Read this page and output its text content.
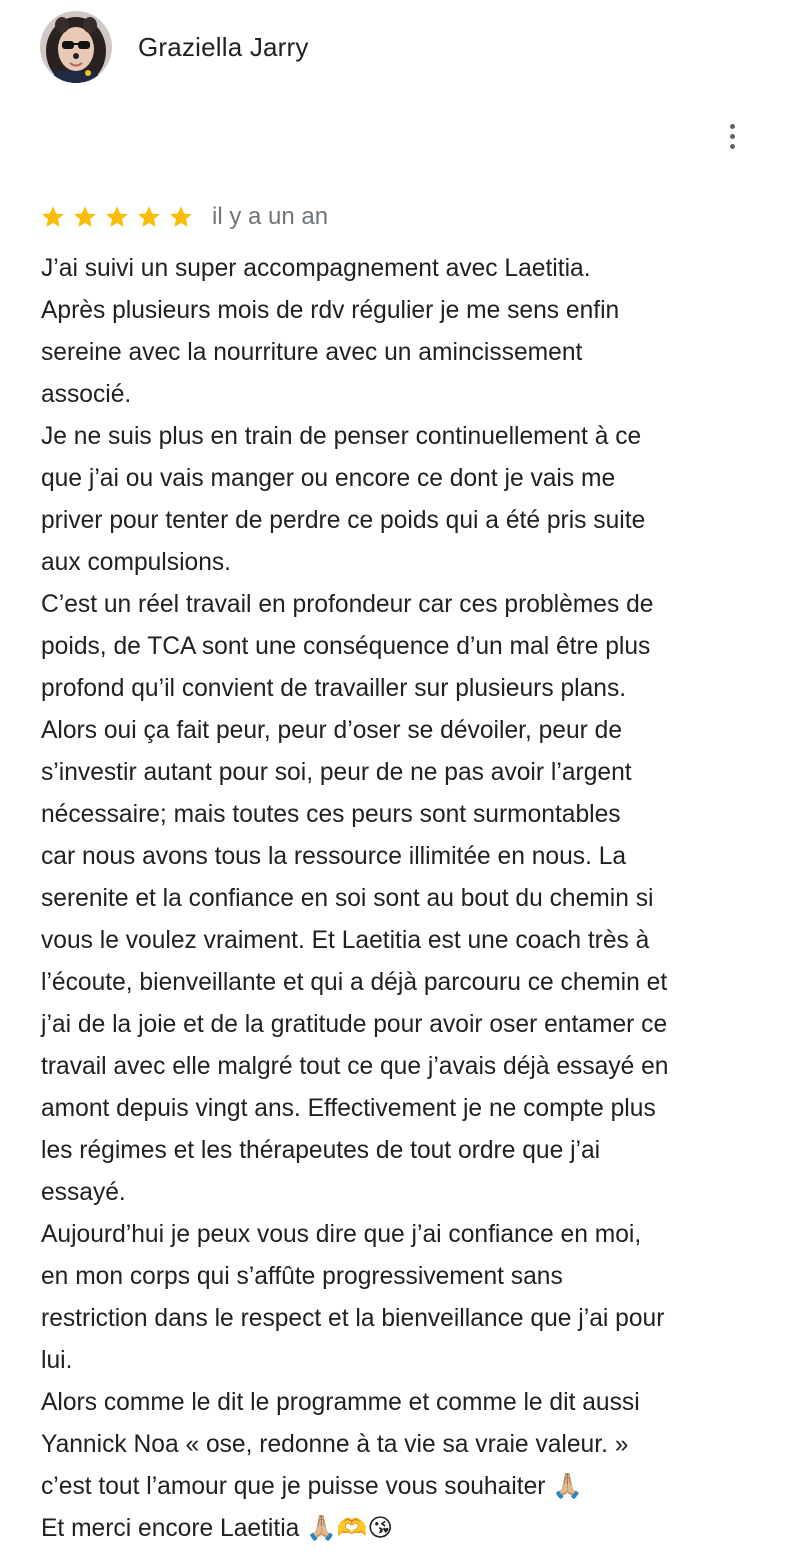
Graziella Jarry
il y a un an

J’ai suivi un super accompagnement avec Laetitia.
Après plusieurs mois de rdv régulier je me sens enfin
sereine avec la nourriture avec un amincissement
associé.
Je ne suis plus en train de penser continuellement à ce
que j’ai ou vais manger ou encore ce dont je vais me
priver pour tenter de perdre ce poids qui a été pris suite
aux compulsions.
C’est un réel travail en profondeur car ces problèmes de
poids, de TCA sont une conséquence d’un mal être plus
profond qu’il convient de travailler sur plusieurs plans.
Alors oui ça fait peur, peur d’oser se dévoiler, peur de
s’investir autant pour soi, peur de ne pas avoir l’argent
nécessaire; mais toutes ces peurs sont surmontables
car nous avons tous la ressource illimitée en nous. La
serenite et la confiance en soi sont au bout du chemin si
vous le voulez vraiment. Et Laetitia est une coach très à
l’écoute, bienveillante et qui a déjà parcouru ce chemin et
j’ai de la joie et de la gratitude pour avoir oser entamer ce
travail avec elle malgré tout ce que j’avais déjà essayé en
amont depuis vingt ans. Effectivement je ne compte plus
les régimes et les thérapeutes de tout ordre que j’ai
essayé.
Aujourd’hui je peux vous dire que j’ai confiance en moi,
en mon corps qui s’affûte progressivement sans
restriction dans le respect et la bienveillance que j’ai pour
lui.
Alors comme le dit le programme et comme le dit aussi
Yannick Noa « ose, redonne à ta vie sa vraie valeur. »
c’est tout l’amour que je puisse vous souhaiter 🙏🏼
Et merci encore Laetitia 🙏🏼🫶😘
